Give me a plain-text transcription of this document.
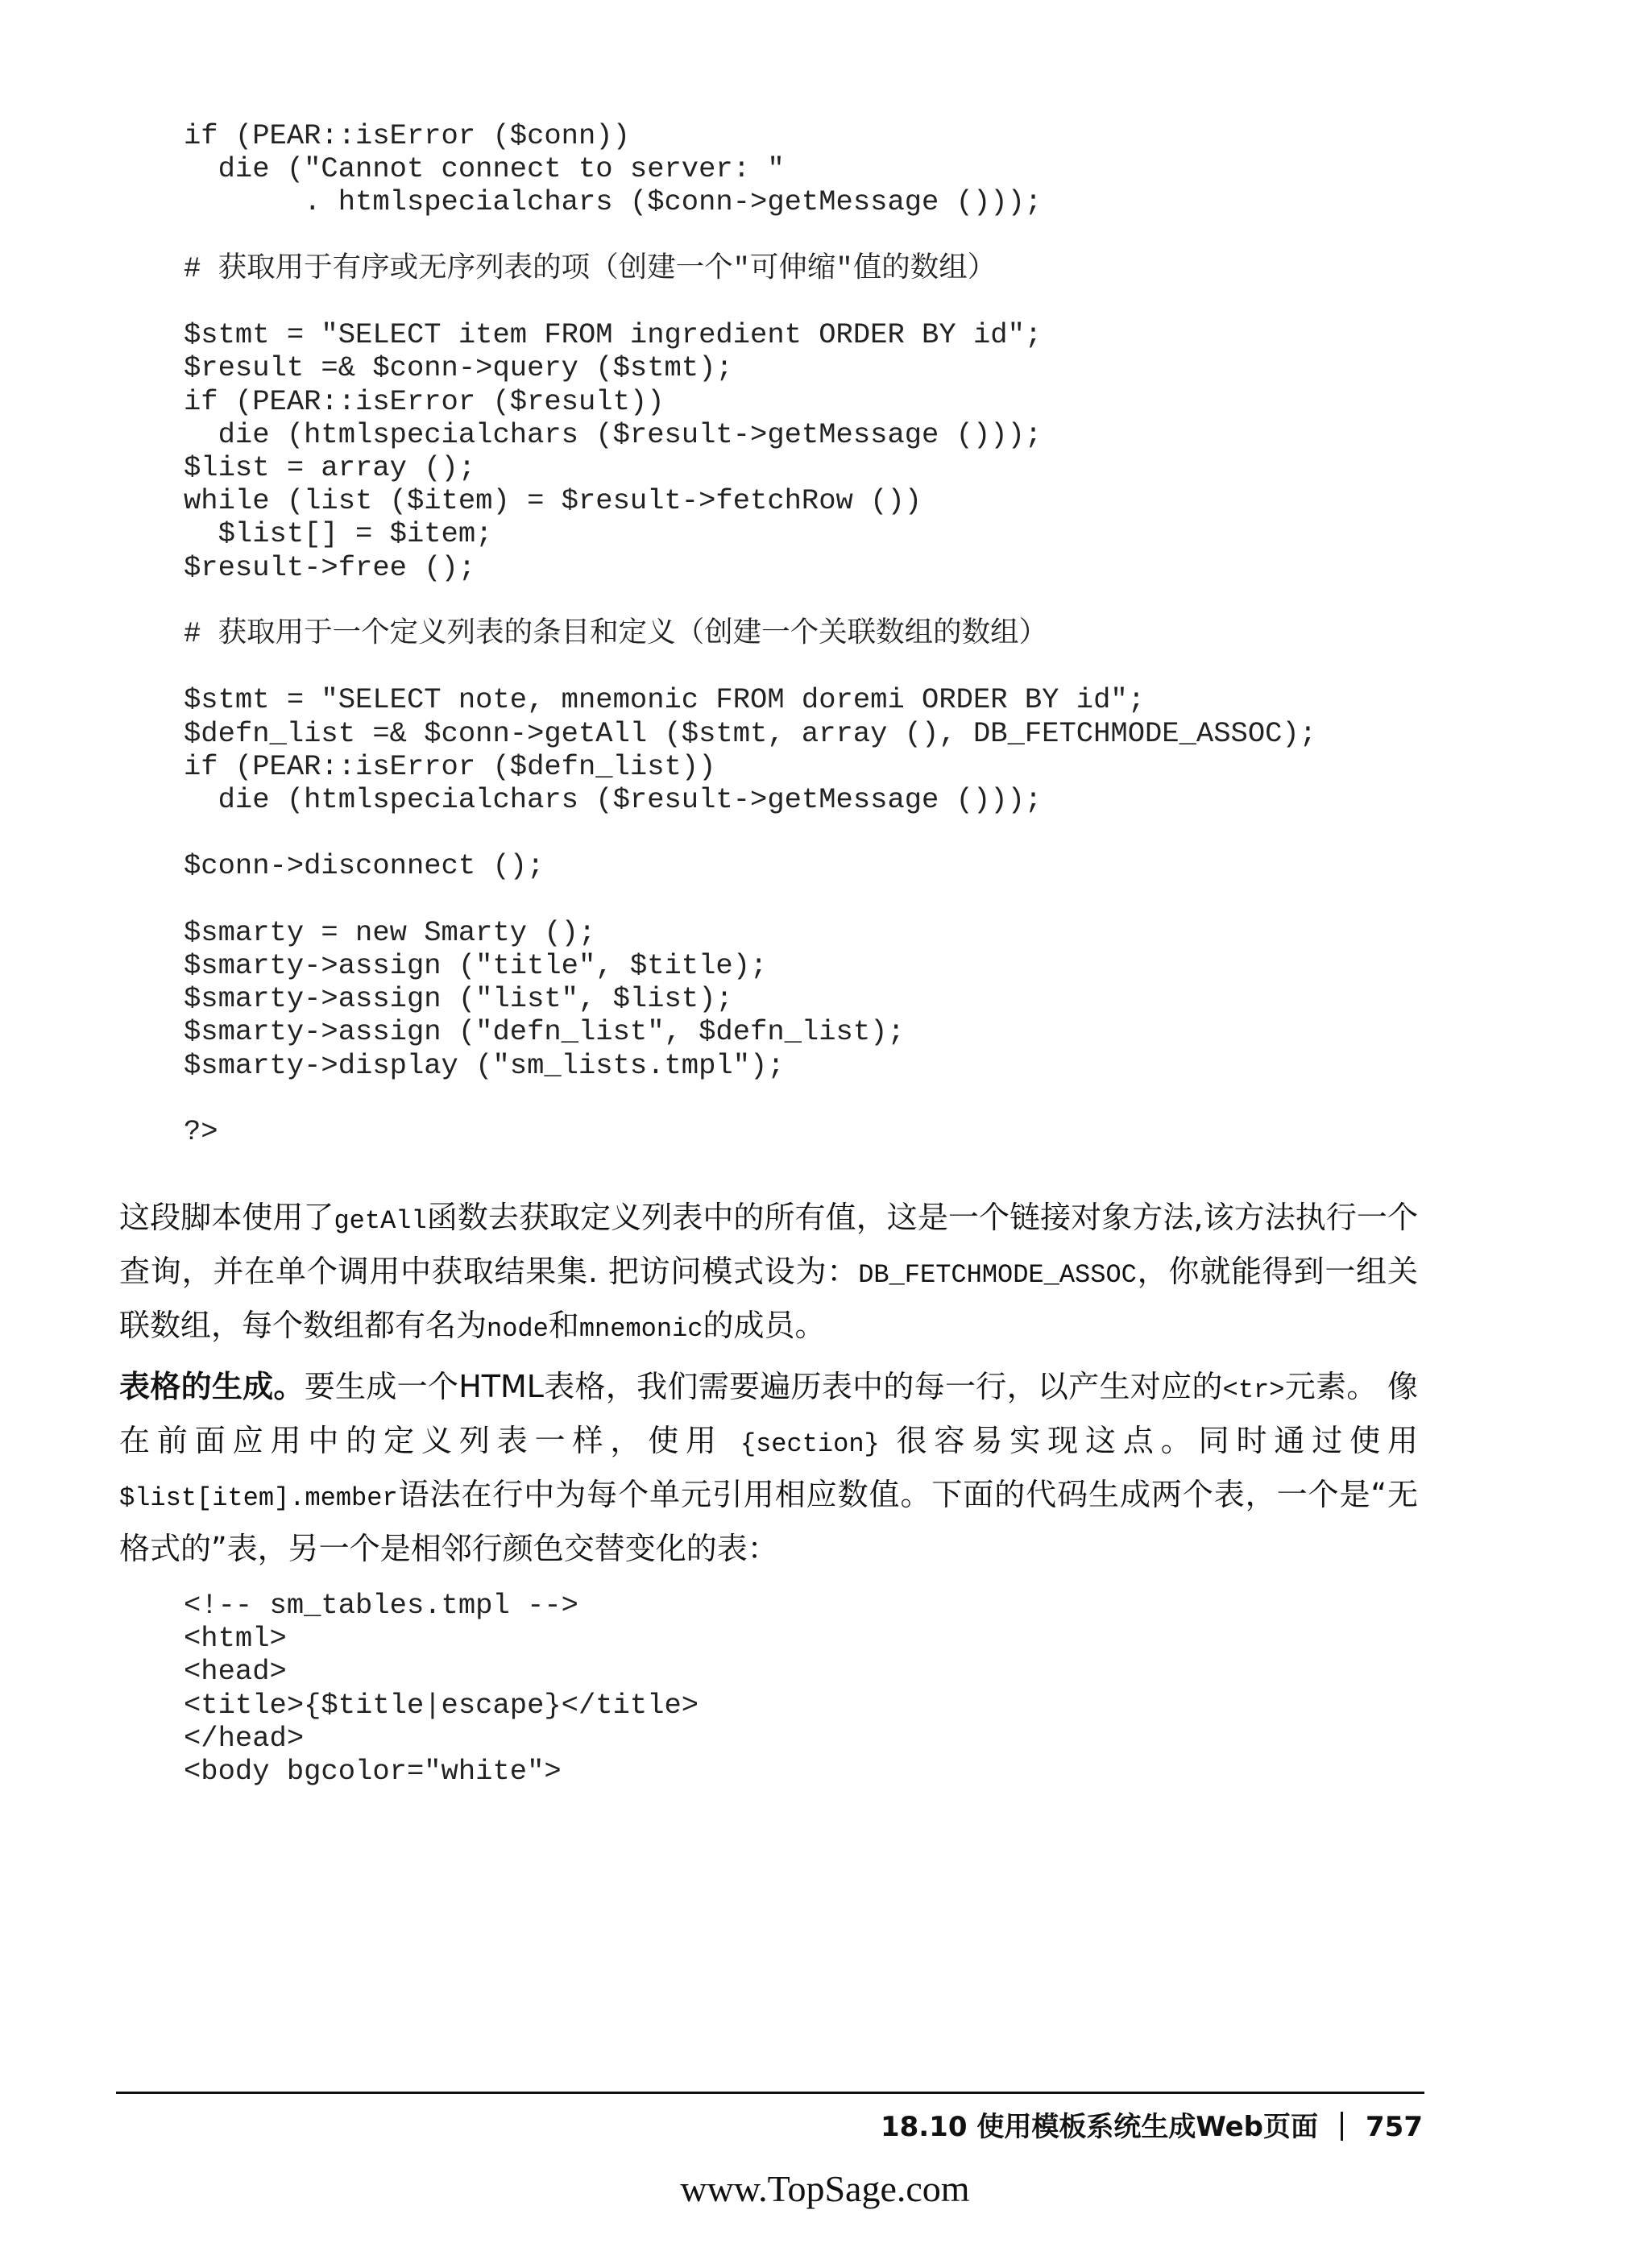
if (PEAR::isError ($conn))
die ("Cannot connect to server: "
. htmlspecialchars ($conn->getMessage ()));

# 获取用于有序或无序列表的项（创建一个"可伸缩"值的数组）

$stmt = "SELECT item FROM ingredient ORDER BY id";
$result =& $conn->query ($stmt);
if (PEAR::isError ($result))
die (htmlspecialchars ($result->getMessage ()));
$list = array ();
while (list ($item) = $result->fetchRow ())
$list[] = $item;
$result->free ();

# 获取用于一个定义列表的条目和定义（创建一个关联数组的数组）

$stmt = "SELECT note, mnemonic FROM doremi ORDER BY id";
$defn_list =& $conn->getAll ($stmt, array (), DB_FETCHMODE_ASSOC);
if (PEAR::isError ($defn_list))
die (htmlspecialchars ($result->getMessage ()));

$conn->disconnect ();

$smarty = new Smarty ();
$smarty->assign ("title", $title);
$smarty->assign ("list", $list);
$smarty->assign ("defn_list", $defn_list);
$smarty->display ("sm_lists.tmpl");

?>

这段脚本使用了getAll函数去获取定义列表中的所有值，这是一个链接对象方法,该方法执行一个查询，并在单个调用中获取结果集. 把访问模式设为：DB_FETCHMODE_ASSOC，你就能得到一组关联数组，每个数组都有名为node和mnemonic的成员。

表格的生成。要生成一个HTML表格，我们需要遍历表中的每一行，以产生对应的<tr>元素。 像在前面应用中的定义列表一样，使用 {section} 很容易实现这点。同时通过使用$list[item].member语法在行中为每个单元引用相应数值。下面的代码生成两个表，一个是“无格式的”表，另一个是相邻行颜色交替变化的表：

<!-- sm_tables.tmpl -->
<html>
<head>
<title>{$title|escape}</title>
</head>
<body bgcolor="white">
18.10 使用模板系统生成Web页面 757
www.TopSage.com
